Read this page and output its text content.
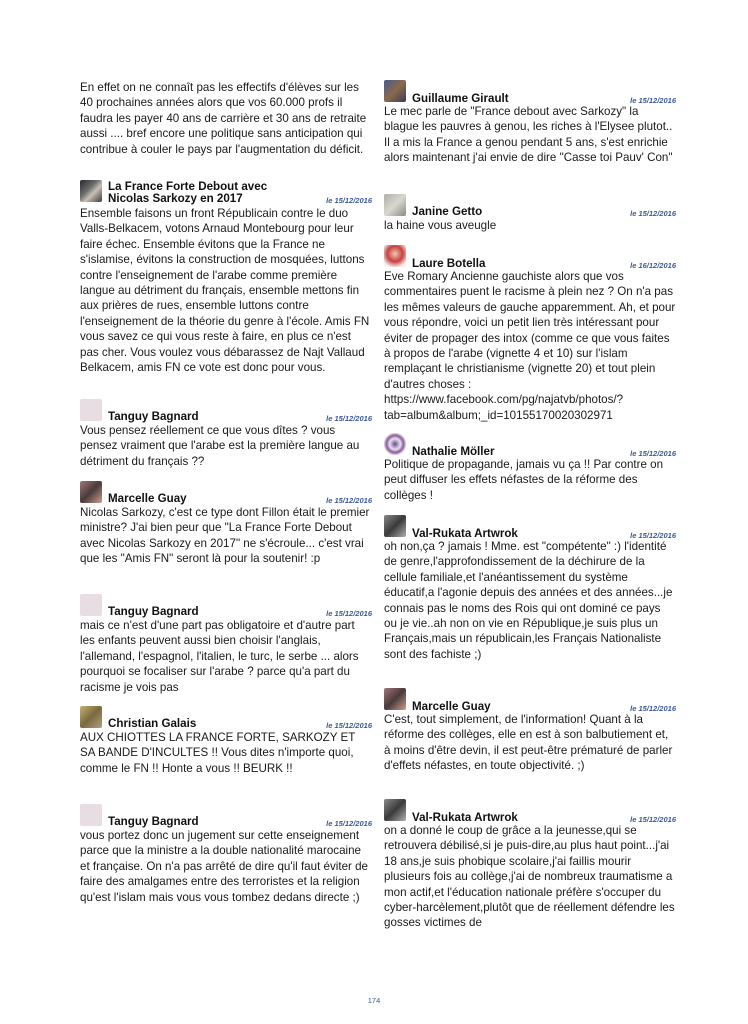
En effet on ne connaît pas les effectifs d'élèves sur les 40 prochaines années alors que vos 60.000 profs il faudra les payer 40 ans de carrière et 30 ans de retraite aussi .... bref encore une politique sans anticipation qui contribue à couler le pays par l'augmentation du déficit.

La France Forte Debout avec
Nicolas Sarkozy en 2017	le 15/12/2016

Ensemble faisons un front Républicain contre le duo Valls-Belkacem, votons Arnaud Montebourg pour leur faire échec. Ensemble évitons que la France ne s'islamise, évitons la construction de mosquées, luttons contre l'enseignement de l'arabe comme première langue au détriment du français, ensemble mettons fin aux prières de rues, ensemble luttons contre l'enseignement de la théorie du genre à l'école. Amis FN vous savez ce qui vous reste à faire, en plus ce n'est pas cher. Vous voulez vous débarassez de Najt Vallaud Belkacem, amis FN ce vote est donc pour vous.

Tanguy Bagnard	le 15/12/2016

Vous pensez réellement ce que vous dîtes ? vous pensez vraiment que l'arabe est la première langue au détriment du français ??

Marcelle Guay	le 15/12/2016

Nicolas Sarkozy, c'est ce type dont Fillon était le premier ministre? J'ai bien peur que "La France Forte Debout avec Nicolas Sarkozy en 2017" ne s'écroule... c'est vrai que les "Amis FN" seront là pour la soutenir! :p

Tanguy Bagnard	le 15/12/2016

mais ce n'est d'une part pas obligatoire et d'autre part les enfants peuvent aussi bien choisir l'anglais, l'allemand, l'espagnol, l'italien, le turc, le serbe ... alors pourquoi se focaliser sur l'arabe ? parce qu'a part du racisme je vois pas

Christian Galais	le 15/12/2016

AUX CHIOTTES LA FRANCE FORTE, SARKOZY ET SA BANDE D'INCULTES !! Vous dites n'importe quoi, comme le FN !! Honte a vous !! BEURK !!

Tanguy Bagnard	le 15/12/2016

vous portez donc un jugement sur cette enseignement parce que la ministre a la double nationalité marocaine et française. On n'a pas arrêté de dire qu'il faut éviter de faire des amalgames entre des terroristes et la religion qu'est l'islam mais vous vous tombez dedans directe ;)

Guillaume Girault	le 15/12/2016

Le mec parle de "France debout avec Sarkozy" la blague les pauvres à genou, les riches à l'Elysee plutot.. Il a mis la France a genou pendant 5 ans, s'est enrichie alors maintenant j'ai envie de dire "Casse toi Pauv' Con"

Janine Getto	le 15/12/2016

la haine vous aveugle

Laure Botella	le 16/12/2016

Eve Romary Ancienne gauchiste alors que vos commentaires puent le racisme à plein nez ? On n'a pas les mêmes valeurs de gauche apparemment. Ah, et pour vous répondre, voici un petit lien très intéressant pour éviter de propager des intox (comme ce que vous faites à propos de l'arabe (vignette 4 et 10) sur l'islam remplaçant le christianisme (vignette 20) et tout plein d'autres choses : https://www.facebook.com/pg/najatvb/photos/?tab=album&album;_id=10155170020302971

Nathalie Möller	le 15/12/2016

Politique de propagande, jamais vu ça !! Par contre on peut diffuser les effets néfastes de la réforme des collèges !

Val-Rukata Artwrok	le 15/12/2016

oh non,ça ? jamais ! Mme. est "compétente" :) l'identité de genre,l'approfondissement de la déchirure de la cellule familiale,et l'anéantissement du système éducatif,a l'agonie depuis des années et des années...je connais pas le noms des Rois qui ont dominé ce pays ou je vie..ah non on vie en République,je suis plus un Français,mais un républicain,les Français Nationaliste sont des fachiste ;)

Marcelle Guay	le 15/12/2016

C'est, tout simplement, de l'information! Quant à la réforme des collèges, elle en est à son balbutiement et, à moins d'être devin, il est peut-être prématuré de parler d'effets néfastes, en toute objectivité. ;)

Val-Rukata Artwrok	le 15/12/2016

on a donné le coup de grâce a la jeunesse,qui se retrouvera débilisé,si je puis-dire,au plus haut point...j'ai 18 ans,je suis phobique scolaire,j'ai faillis mourir plusieurs fois au collège,j'ai de nombreux traumatisme a mon actif,et l'éducation nationale préfère s'occuper du cyber-harcèlement,plutôt que de réellement défendre les gosses victimes de

174
